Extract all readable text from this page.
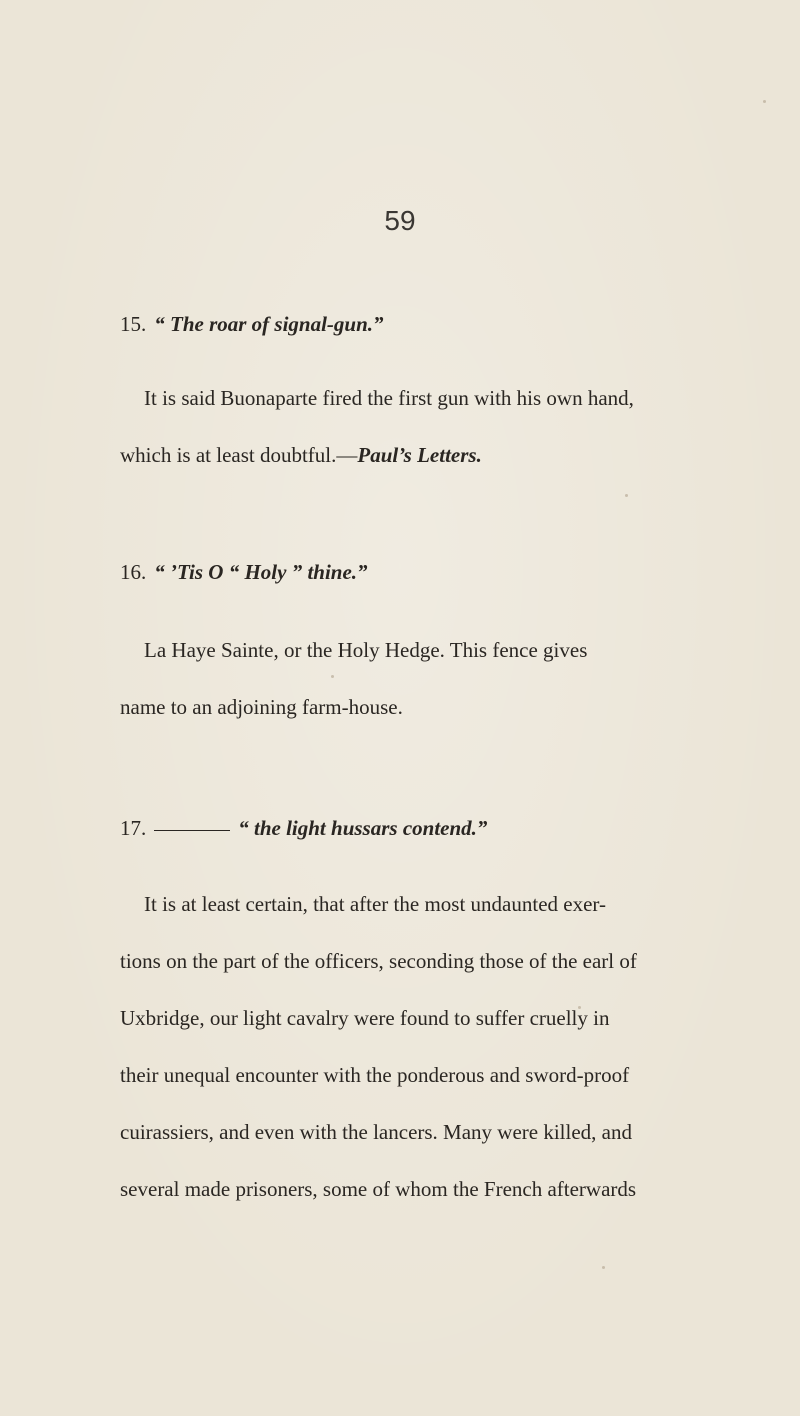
59
15. “ The roar of signal-gun.”
It is said Buonaparte fired the first gun with his own hand,
which is at least doubtful.—Paul’s Letters.
16. “ ’Tis O “ Holy ” thine.”
La Haye Sainte, or the Holy Hedge. This fence gives
name to an adjoining farm-house.
17.	“ the light hussars contend.”
It is at least certain, that after the most undaunted exer-
tions on the part of the officers, seconding those of the earl of
Uxbridge, our light cavalry were found to suffer cruelly in
their unequal encounter with the ponderous and sword-proof
cuirassiers, and even with the lancers. Many were killed, and
several made prisoners, some of whom the French afterwards
